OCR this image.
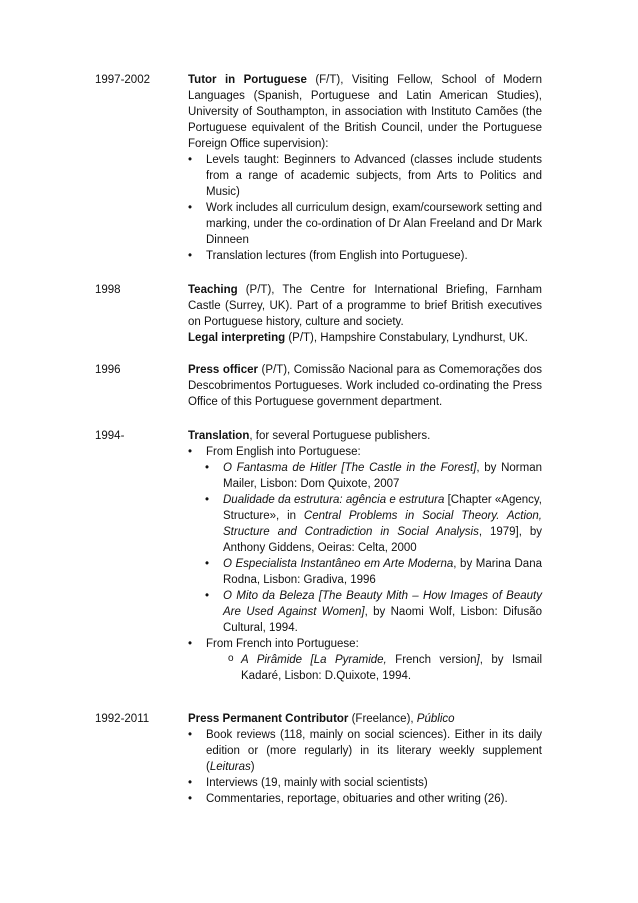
1997-2002	Tutor in Portuguese (F/T), Visiting Fellow, School of Modern Languages (Spanish, Portuguese and Latin American Studies), University of Southampton, in association with Instituto Camões (the Portuguese equivalent of the British Council, under the Portuguese Foreign Office supervision):

• Levels taught: Beginners to Advanced (classes include students from a range of academic subjects, from Arts to Politics and Music)
• Work includes all curriculum design, exam/coursework setting and marking, under the co-ordination of Dr Alan Freeland and Dr Mark Dinneen
• Translation lectures (from English into Portuguese).
1998	Teaching (P/T), The Centre for International Briefing, Farnham Castle (Surrey, UK). Part of a programme to brief British executives on Portuguese history, culture and society.

Legal interpreting (P/T), Hampshire Constabulary, Lyndhurst, UK.

1996	Press officer (P/T), Comissão Nacional para as Comemorações dos Descobrimentos Portugueses. Work included co-ordinating the Press Office of this Portuguese government department.

1994-	Translation, for several Portuguese publishers.

• From English into Portuguese:
• O Fantasma de Hitler [The Castle in the Forest], by Norman Mailer, Lisbon: Dom Quixote, 2007
• Dualidade da estrutura: agência e estrutura [Chapter «Agency, Structure», in Central Problems in Social Theory. Action, Structure and Contradiction in Social Analysis, 1979], by Anthony Giddens, Oeiras: Celta, 2000
• O Especialista Instantâneo em Arte Moderna, by Marina Dana Rodna, Lisbon: Gradiva, 1996
• O Mito da Beleza [The Beauty Mith – How Images of Beauty Are Used Against Women], by Naomi Wolf, Lisbon: Difusão Cultural, 1994.
• From French into Portuguese:
o A Pirâmide [La Pyramide, French version], by Ismail Kadaré, Lisbon: D.Quixote, 1994.
1992-2011	Press Permanent Contributor (Freelance), Público

• Book reviews (118, mainly on social sciences). Either in its daily edition or (more regularly) in its literary weekly supplement (Leituras)
• Interviews (19, mainly with social scientists)
• Commentaries, reportage, obituaries and other writing (26).
